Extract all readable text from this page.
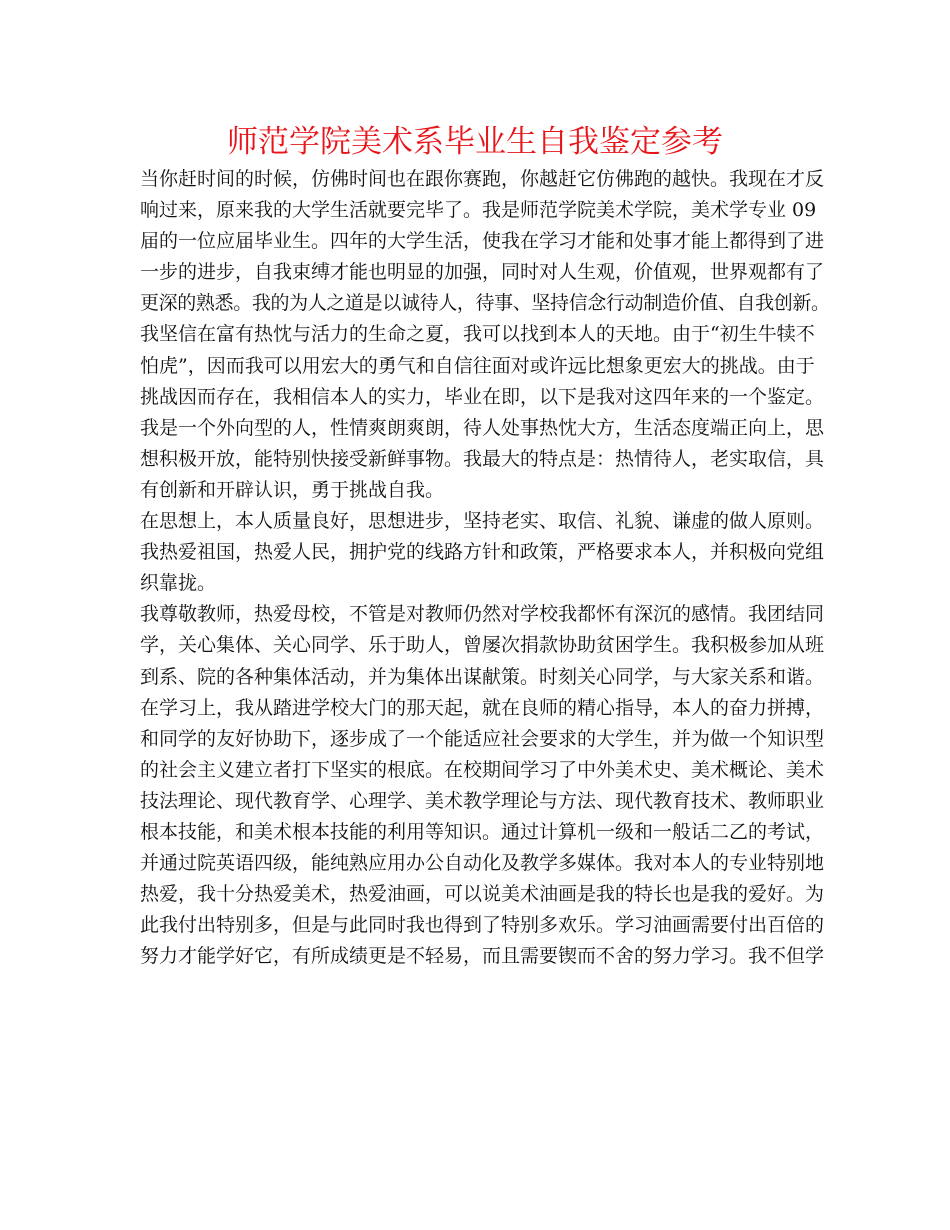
师范学院美术系毕业生自我鉴定参考
当你赶时间的时候，仿佛时间也在跟你赛跑，你越赶它仿佛跑的越快。我现在才反
响过来，原来我的大学生活就要完毕了。我是师范学院美术学院，美术学专业 09
届的一位应届毕业生。四年的大学生活，使我在学习才能和处事才能上都得到了进
一步的进步，自我束缚才能也明显的加强，同时对人生观，价值观，世界观都有了
更深的熟悉。我的为人之道是以诚待人，待事、坚持信念行动制造价值、自我创新。
我坚信在富有热忱与活力的生命之夏，我可以找到本人的天地。由于“初生牛犊不
怕虎”，因而我可以用宏大的勇气和自信往面对或许远比想象更宏大的挑战。由于
挑战因而存在，我相信本人的实力，毕业在即，以下是我对这四年来的一个鉴定。
我是一个外向型的人，性情爽朗爽朗，待人处事热忱大方，生活态度端正向上，思
想积极开放，能特别快接受新鲜事物。我最大的特点是：热情待人，老实取信，具
有创新和开辟认识，勇于挑战自我。
在思想上，本人质量良好，思想进步，坚持老实、取信、礼貌、谦虚的做人原则。
我热爱祖国，热爱人民，拥护党的线路方针和政策，严格要求本人，并积极向党组
织靠拢。
我尊敬教师，热爱母校，不管是对教师仍然对学校我都怀有深沉的感情。我团结同
学，关心集体、关心同学、乐于助人，曾屡次捐款协助贫困学生。我积极参加从班
到系、院的各种集体活动，并为集体出谋献策。时刻关心同学，与大家关系和谐。
在学习上，我从踏进学校大门的那天起，就在良师的精心指导，本人的奋力拼搏，
和同学的友好协助下，逐步成了一个能适应社会要求的大学生，并为做一个知识型
的社会主义建立者打下坚实的根底。在校期间学习了中外美术史、美术概论、美术
技法理论、现代教育学、心理学、美术教学理论与方法、现代教育技术、教师职业
根本技能，和美术根本技能的利用等知识。通过计算机一级和一般话二乙的考试，
并通过院英语四级，能纯熟应用办公自动化及教学多媒体。我对本人的专业特别地
热爱，我十分热爱美术，热爱油画，可以说美术油画是我的特长也是我的爱好。为
此我付出特别多，但是与此同时我也得到了特别多欢乐。学习油画需要付出百倍的
努力才能学好它，有所成绩更是不轻易，而且需要锲而不舍的努力学习。我不但学
